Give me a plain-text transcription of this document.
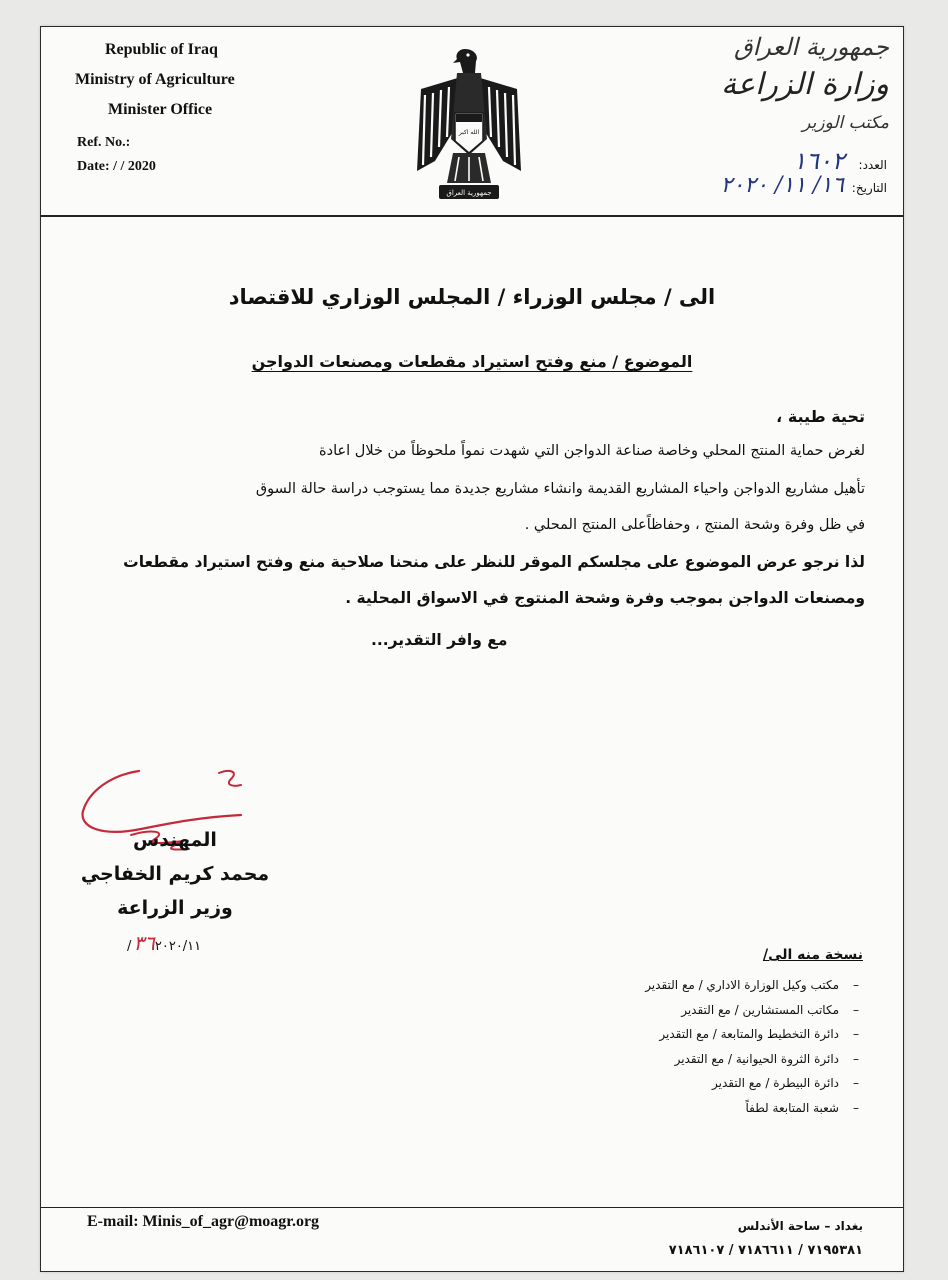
Republic of Iraq
Ministry of Agriculture
Minister Office
Ref. No.:
Date: / / 2020
الله اكبر
جمهورية العراق
جمهورية العراق
وزارة الزراعة
مكتب الوزير
العدد: ١٦٠٢
التاريخ: ١٦/ ١١/ ٢٠٢٠
الى / مجلس الوزراء / المجلس الوزاري للاقتصاد
الموضوع / منع وفتح استيراد مقطعات ومصنعات الدواجن
تحية طيبة ،
لغرض حماية المنتج المحلي وخاصة صناعة الدواجن التي شهدت نمواً ملحوظاً من خلال اعادة
تأهيل مشاريع الدواجن واحياء المشاريع القديمة وانشاء مشاريع جديدة مما يستوجب دراسة حالة السوق
في ظل وفرة وشحة المنتج ، وحفاظاًعلى المنتج المحلي .
لذا نرجو عرض الموضوع على مجلسكم الموقر للنظر على منحنا صلاحية منع وفتح استيراد مقطعات
ومصنعات الدواجن بموجب وفرة وشحة المنتوج في الاسواق المحلية .
مع وافر التقدير...
المهندس
محمد كريم الخفاجي
وزير الزراعة
٣٦٢٠٢٠/١١/
نسخة منه الى/
–
مكتب وكيل الوزارة الاداري / مع التقدير
–
مكاتب المستشارين / مع التقدير
–
دائرة التخطيط والمتابعة / مع التقدير
–
دائرة الثروة الحيوانية / مع التقدير
–
دائرة البيطرة / مع التقدير
–
شعبة المتابعة لطفاً
E-mail: Minis_of_agr@moagr.org	بغداد – ساحة الأندلس
٧١٩٥٣٨١ / ٧١٨٦٦١١ / ٧١٨٦١٠٧
